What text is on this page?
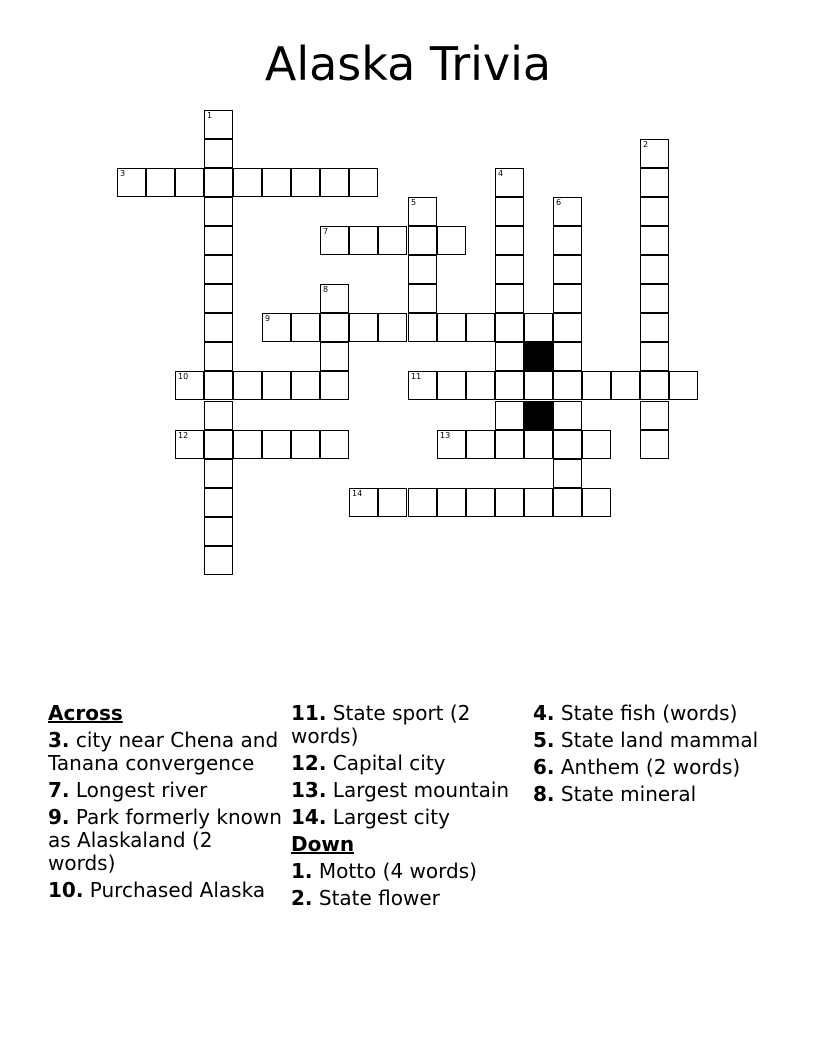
Alaska Trivia
1
2
3	4
5	6
7
8
9
10	11
12	13
14
Across
3. city near Chena and Tanana convergence
7. Longest river
9. Park formerly known as Alaskaland (2 words)
10. Purchased Alaska
11. State sport (2 words)
12. Capital city
13. Largest mountain
14. Largest city
Down
1. Motto (4 words)
2. State flower
4. State fish (words)
5. State land mammal
6. Anthem (2 words)
8. State mineral
